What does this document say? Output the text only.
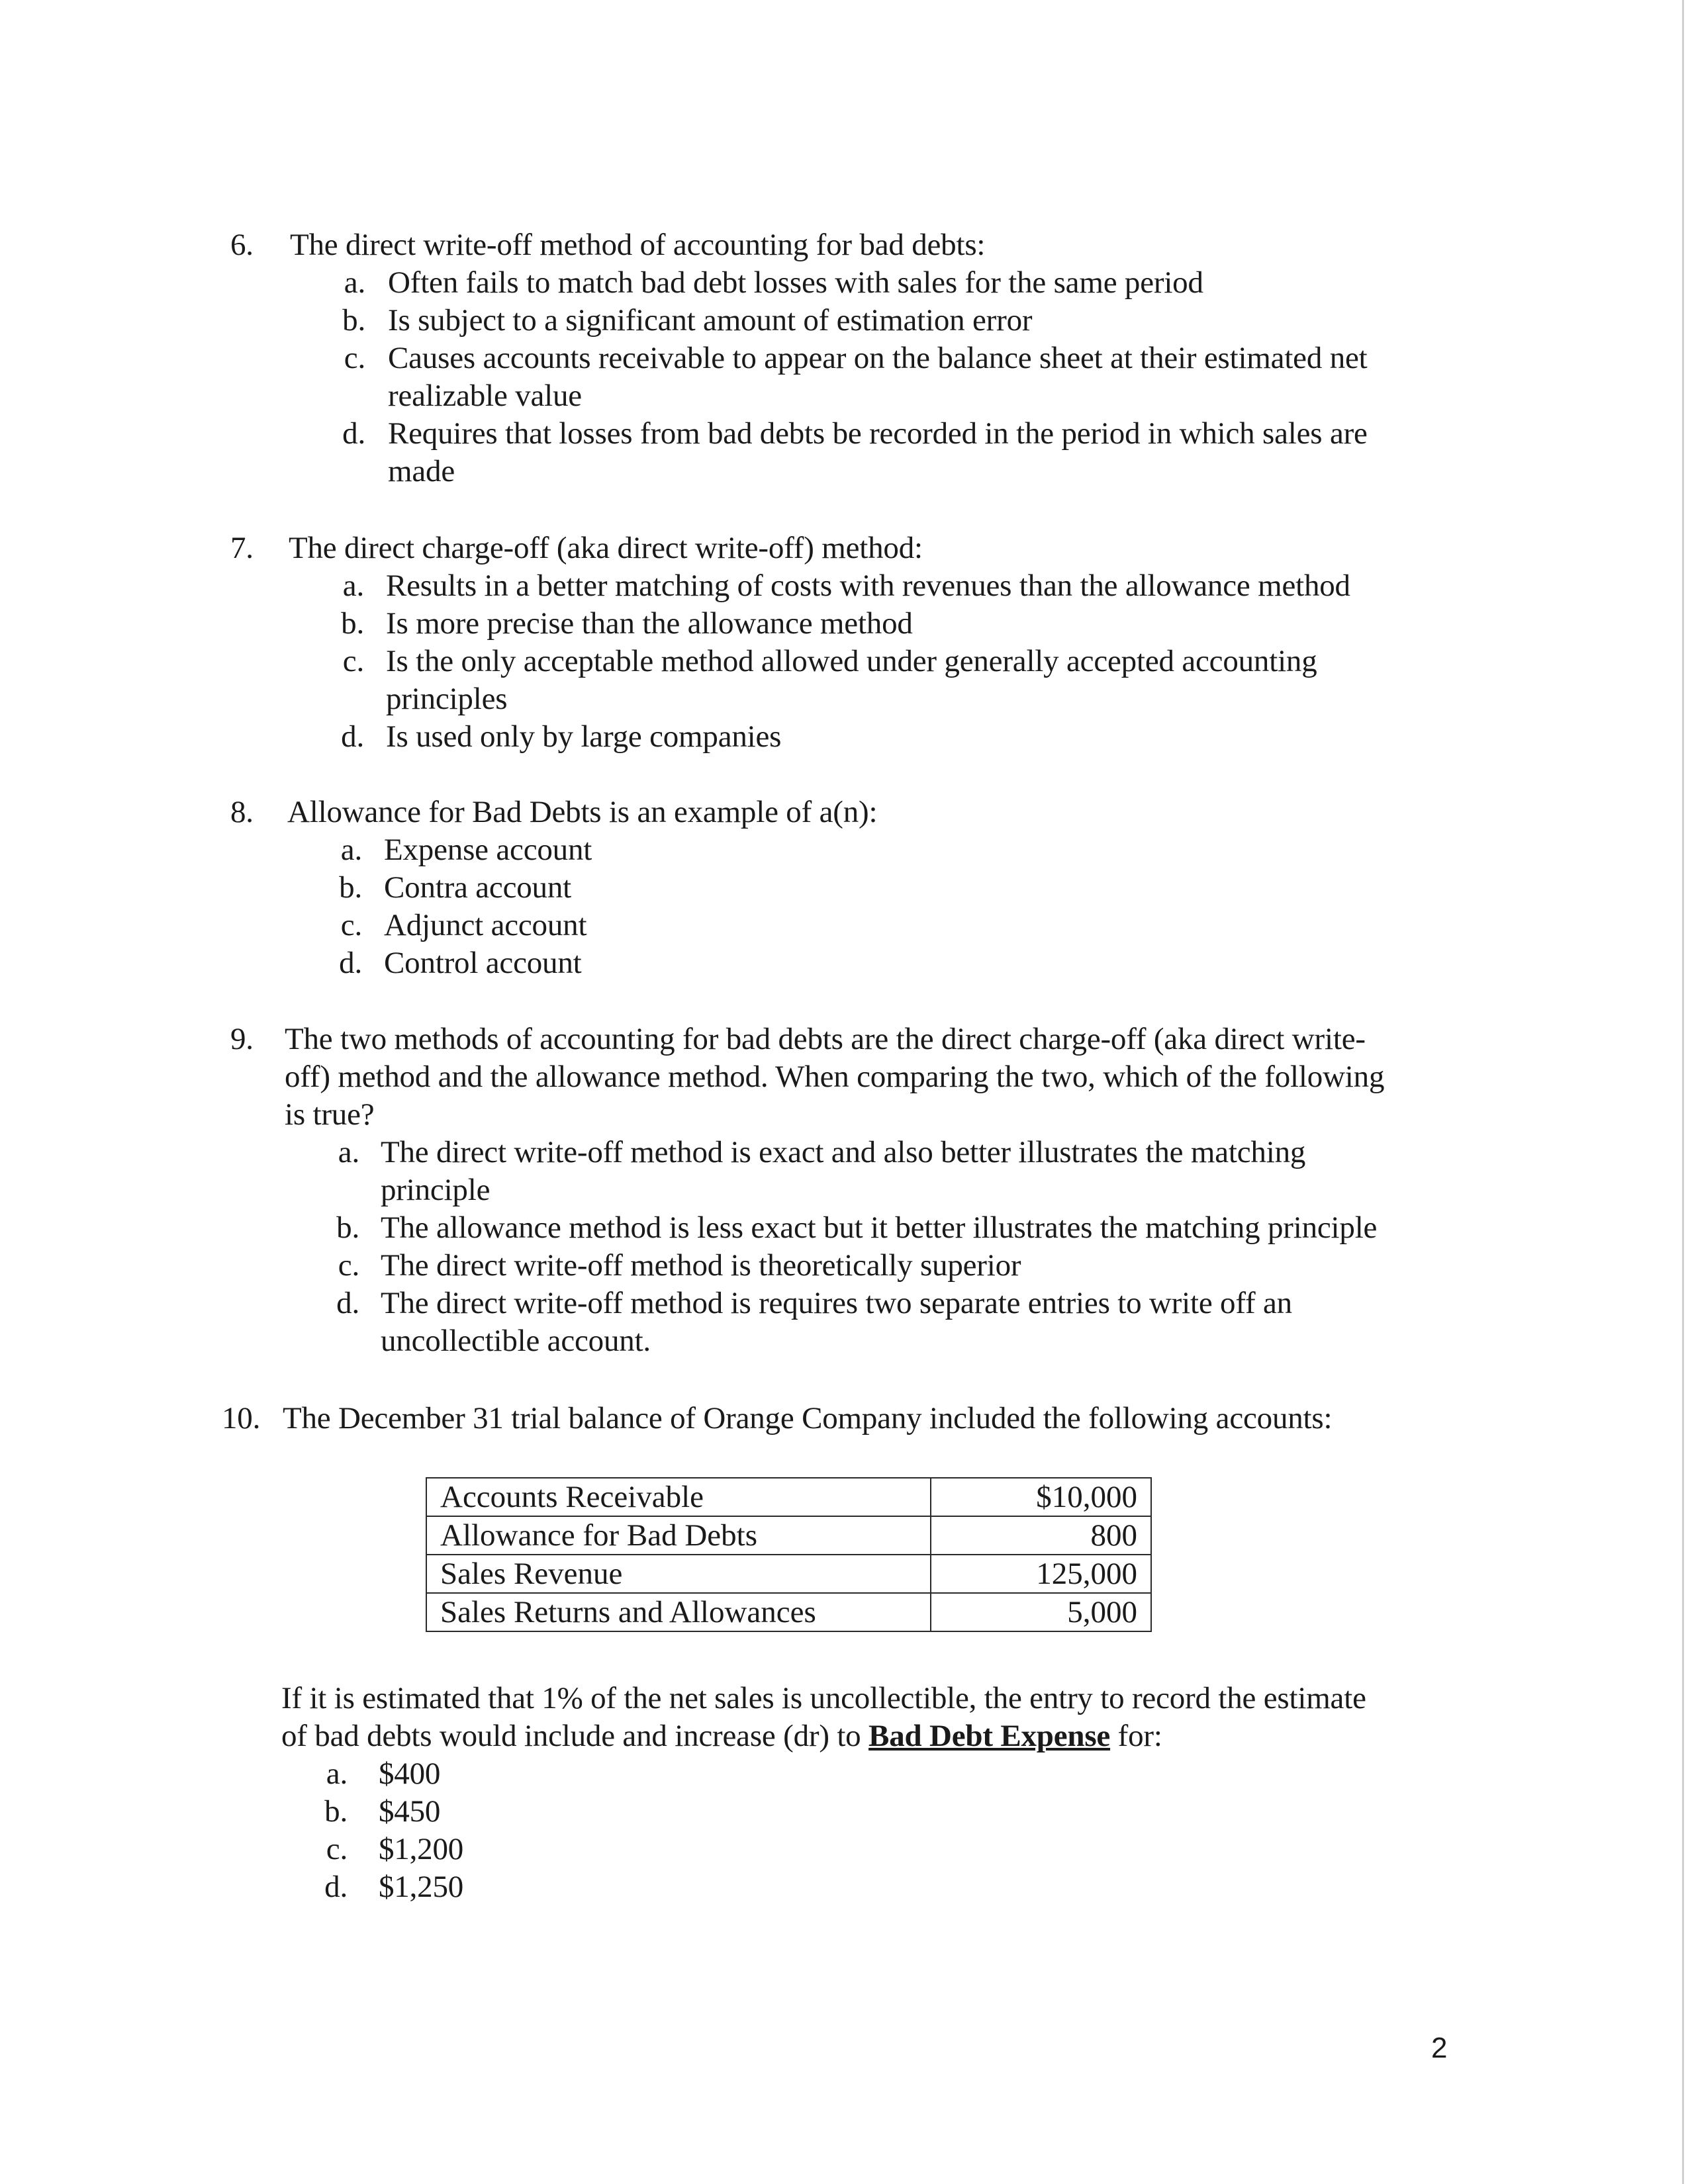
6. The direct write-off method of accounting for bad debts:
a. Often fails to match bad debt losses with sales for the same period
b. Is subject to a significant amount of estimation error
c. Causes accounts receivable to appear on the balance sheet at their estimated net
realizable value
d. Requires that losses from bad debts be recorded in the period in which sales are
made
7. The direct charge-off (aka direct write-off) method:
a. Results in a better matching of costs with revenues than the allowance method
b. Is more precise than the allowance method
c. Is the only acceptable method allowed under generally accepted accounting
principles
d. Is used only by large companies
8. Allowance for Bad Debts is an example of a(n):
a. Expense account
b. Contra account
c. Adjunct account
d. Control account
9. The two methods of accounting for bad debts are the direct charge-off (aka direct write-
off) method and the allowance method. When comparing the two, which of the following
is true?
a. The direct write-off method is exact and also better illustrates the matching
principle
b. The allowance method is less exact but it better illustrates the matching principle
c. The direct write-off method is theoretically superior
d. The direct write-off method is requires two separate entries to write off an
uncollectible account.
10. The December 31 trial balance of Orange Company included the following accounts:
Accounts Receivable	$10,000
Allowance for Bad Debts	800
Sales Revenue	125,000
Sales Returns and Allowances	5,000
If it is estimated that 1% of the net sales is uncollectible, the entry to record the estimate
of bad debts would include and increase (dr) to Bad Debt Expense for:
a. $400
b. $450
c. $1,200
d. $1,250
2
